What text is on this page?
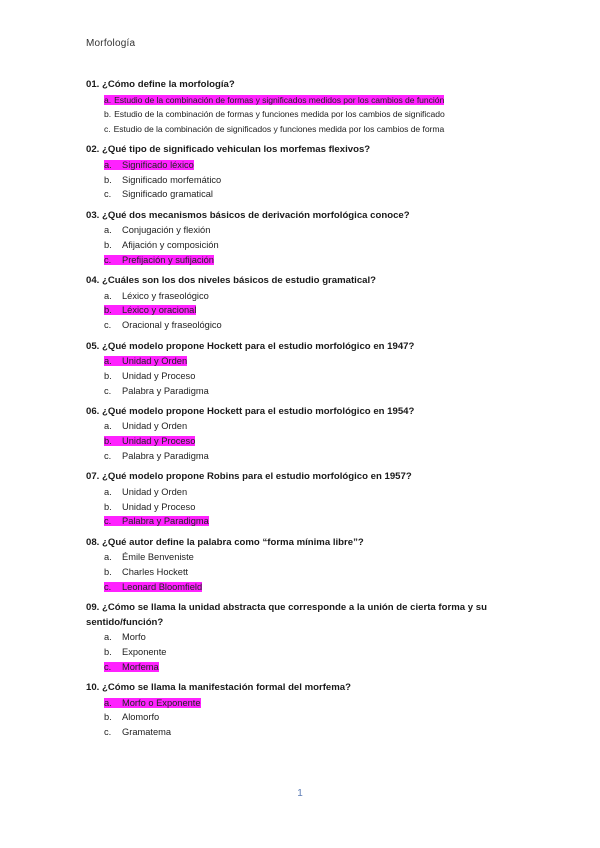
Morfología
01. ¿Cómo define la morfología?
a. Estudio de la combinación de formas y significados medidos por los cambios de función
b. Estudio de la combinación de formas y funciones medida por los cambios de significado
c. Estudio de la combinación de significados y funciones medida por los cambios de forma
02. ¿Qué tipo de significado vehiculan los morfemas flexivos?
a. Significado léxico
b. Significado morfemático
c. Significado gramatical
03. ¿Qué dos mecanismos básicos de derivación morfológica conoce?
a. Conjugación y flexión
b. Afijación y composición
c. Prefijación y sufijación
04. ¿Cuáles son los dos niveles básicos de estudio gramatical?
a. Léxico y fraseológico
b. Léxico y oracional
c. Oracional y fraseológico
05. ¿Qué modelo propone Hockett para el estudio morfológico en 1947?
a. Unidad y Orden
b. Unidad y Proceso
c. Palabra y Paradigma
06. ¿Qué modelo propone Hockett para el estudio morfológico en 1954?
a. Unidad y Orden
b. Unidad y Proceso
c. Palabra y Paradigma
07. ¿Qué modelo propone Robins para el estudio morfológico en 1957?
a. Unidad y Orden
b. Unidad y Proceso
c. Palabra y Paradigma
08. ¿Qué autor define la palabra como “forma mínima libre”?
a. Émile Benveniste
b. Charles Hockett
c. Leonard Bloomfield
09. ¿Cómo se llama la unidad abstracta que corresponde a la unión de cierta forma y su sentido/función?
a. Morfo
b. Exponente
c. Morfema
10. ¿Cómo se llama la manifestación formal del morfema?
a. Morfo o Exponente
b. Alomorfo
c. Gramatema
1
